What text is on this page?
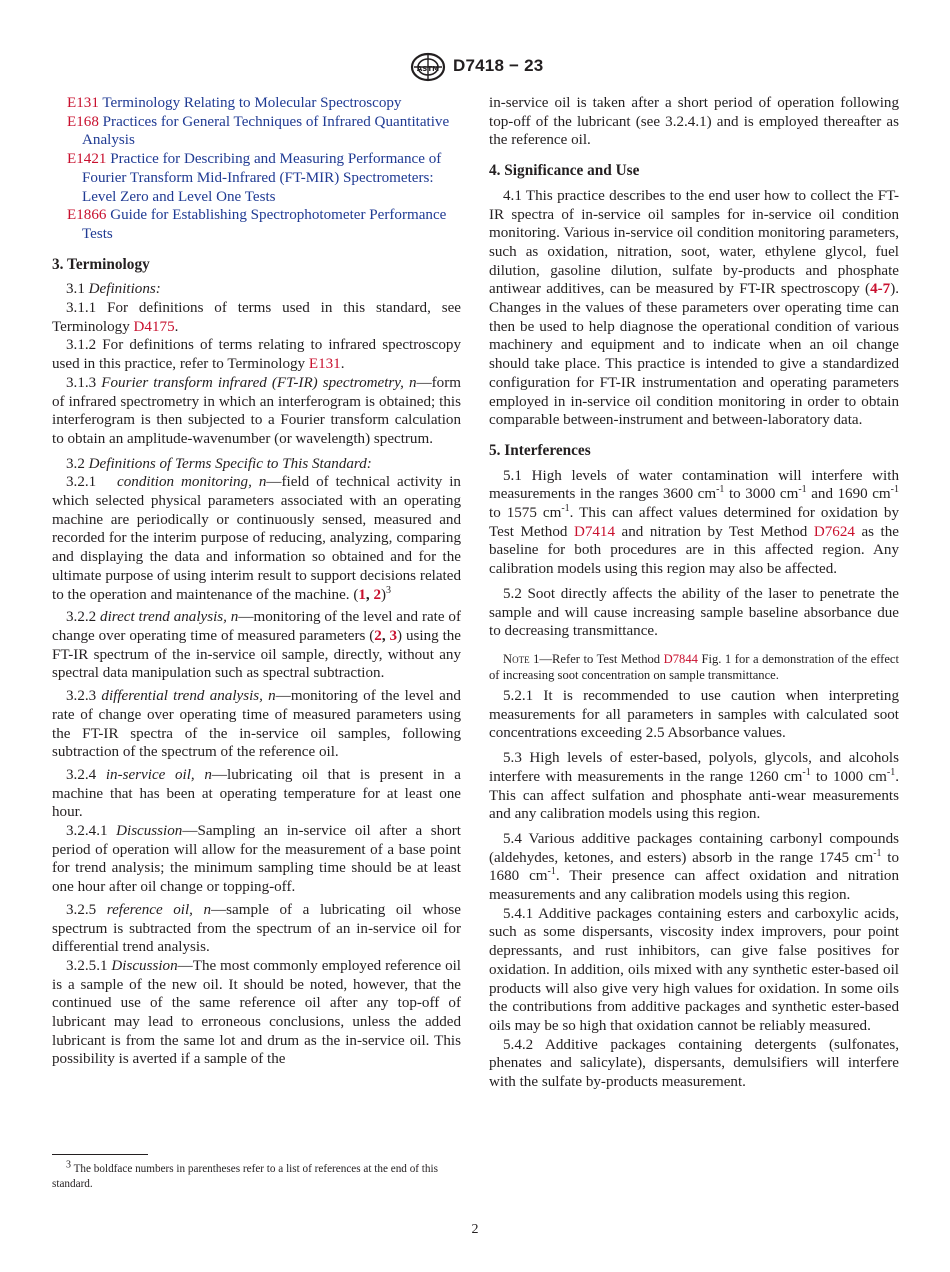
ASTM D7418 − 23

E131 Terminology Relating to Molecular Spectroscopy

E168 Practices for General Techniques of Infrared Quantitative Analysis

E1421 Practice for Describing and Measuring Performance of Fourier Transform Mid-Infrared (FT-MIR) Spectrometers: Level Zero and Level One Tests

E1866 Guide for Establishing Spectrophotometer Performance Tests

3. Terminology

3.1 Definitions:

3.1.1 For definitions of terms used in this standard, see Terminology D4175.

3.1.2 For definitions of terms relating to infrared spectroscopy used in this practice, refer to Terminology E131.

3.1.3 Fourier transform infrared (FT-IR) spectrometry, n—form of infrared spectrometry in which an interferogram is obtained; this interferogram is then subjected to a Fourier transform calculation to obtain an amplitude-wavenumber (or wavelength) spectrum.

3.2 Definitions of Terms Specific to This Standard:

3.2.1 condition monitoring, n—field of technical activity in which selected physical parameters associated with an operating machine are periodically or continuously sensed, measured and recorded for the interim purpose of reducing, analyzing, comparing and displaying the data and information so obtained and for the ultimate purpose of using interim result to support decisions related to the operation and maintenance of the machine. (1, 2)$^3$

3.2.2 direct trend analysis, n—monitoring of the level and rate of change over operating time of measured parameters (2, 3) using the FT-IR spectrum of the in-service oil sample, directly, without any spectral data manipulation such as spectral subtraction.

3.2.3 differential trend analysis, n—monitoring of the level and rate of change over operating time of measured parameters using the FT-IR spectra of the in-service oil samples, following subtraction of the spectrum of the reference oil.

3.2.4 in-service oil, n—lubricating oil that is present in a machine that has been at operating temperature for at least one hour.

3.2.4.1 Discussion—Sampling an in-service oil after a short period of operation will allow for the measurement of a base point for trend analysis; the minimum sampling time should be at least one hour after oil change or topping-off.

3.2.5 reference oil, n—sample of a lubricating oil whose spectrum is subtracted from the spectrum of an in-service oil for differential trend analysis.

3.2.5.1 Discussion—The most commonly employed reference oil is a sample of the new oil. It should be noted, however, that the continued use of the same reference oil after any top-off of lubricant may lead to erroneous conclusions, unless the added lubricant is from the same lot and drum as the in-service oil. This possibility is averted if a sample of the

$^3$ The boldface numbers in parentheses refer to a list of references at the end of this standard.

in-service oil is taken after a short period of operation following top-off of the lubricant (see 3.2.4.1) and is employed thereafter as the reference oil.

4. Significance and Use

4.1 This practice describes to the end user how to collect the FT-IR spectra of in-service oil samples for in-service oil condition monitoring. Various in-service oil condition monitoring parameters, such as oxidation, nitration, soot, water, ethylene glycol, fuel dilution, gasoline dilution, sulfate by-products and phosphate antiwear additives, can be measured by FT-IR spectroscopy (4-7). Changes in the values of these parameters over operating time can then be used to help diagnose the operational condition of various machinery and equipment and to indicate when an oil change should take place. This practice is intended to give a standardized configuration for FT-IR instrumentation and operating parameters employed in in-service oil condition monitoring in order to obtain comparable between-instrument and between-laboratory data.

5. Interferences

5.1 High levels of water contamination will interfere with measurements in the ranges 3600 $cm^{-1}$ to 3000 $cm^{-1}$ and 1690 $cm^{-1}$ to 1575 $cm^{-1}$. This can affect values determined for oxidation by Test Method D7414 and nitration by Test Method D7624 as the baseline for both procedures are in this affected region. Any calibration models using this region may also be affected.

5.2 Soot directly affects the ability of the laser to penetrate the sample and will cause increasing sample baseline absorbance due to decreasing transmittance.

Note 1—Refer to Test Method D7844 Fig. 1 for a demonstration of the effect of increasing soot concentration on sample transmittance.

5.2.1 It is recommended to use caution when interpreting measurements for all parameters in samples with calculated soot concentrations exceeding 2.5 Absorbance values.

5.3 High levels of ester-based, polyols, glycols, and alcohols interfere with measurements in the range 1260 $cm^{-1}$ to 1000 $cm^{-1}$. This can affect sulfation and phosphate anti-wear measurements and any calibration models using this region.

5.4 Various additive packages containing carbonyl compounds (aldehydes, ketones, and esters) absorb in the range 1745 $cm^{-1}$ to 1680 $cm^{-1}$. Their presence can affect oxidation and nitration measurements and any calibration models using this region.

5.4.1 Additive packages containing esters and carboxylic acids, such as some dispersants, viscosity index improvers, pour point depressants, and rust inhibitors, can give false positives for oxidation. In addition, oils mixed with any synthetic ester-based oil products will also give very high values for oxidation. In some oils the contributions from additive packages and synthetic ester-based oils may be so high that oxidation cannot be reliably measured.

5.4.2 Additive packages containing detergents (sulfonates, phenates and salicylate), dispersants, demulsifiers will interfere with the sulfate by-products measurement.

2
